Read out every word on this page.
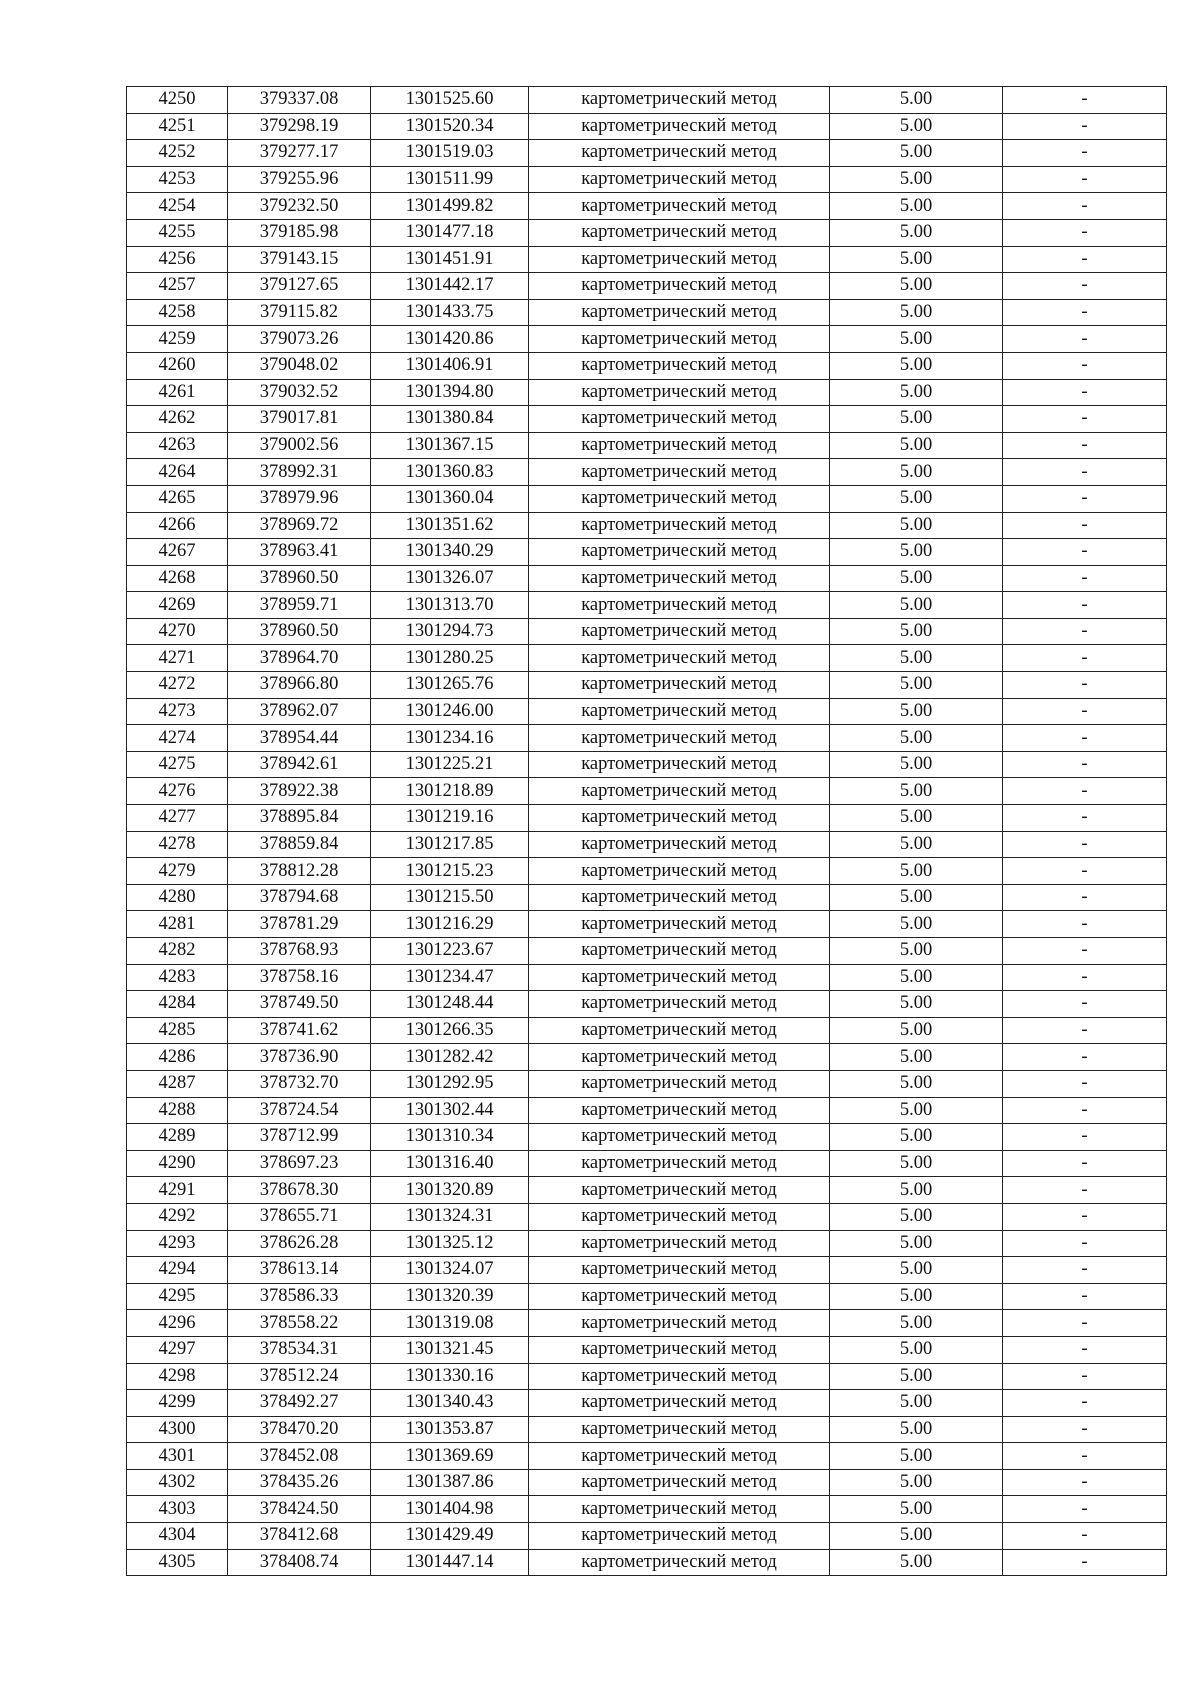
4250	379337.08	1301525.60	картометрический метод	5.00	-
4251	379298.19	1301520.34	картометрический метод	5.00	-
4252	379277.17	1301519.03	картометрический метод	5.00	-
4253	379255.96	1301511.99	картометрический метод	5.00	-
4254	379232.50	1301499.82	картометрический метод	5.00	-
4255	379185.98	1301477.18	картометрический метод	5.00	-
4256	379143.15	1301451.91	картометрический метод	5.00	-
4257	379127.65	1301442.17	картометрический метод	5.00	-
4258	379115.82	1301433.75	картометрический метод	5.00	-
4259	379073.26	1301420.86	картометрический метод	5.00	-
4260	379048.02	1301406.91	картометрический метод	5.00	-
4261	379032.52	1301394.80	картометрический метод	5.00	-
4262	379017.81	1301380.84	картометрический метод	5.00	-
4263	379002.56	1301367.15	картометрический метод	5.00	-
4264	378992.31	1301360.83	картометрический метод	5.00	-
4265	378979.96	1301360.04	картометрический метод	5.00	-
4266	378969.72	1301351.62	картометрический метод	5.00	-
4267	378963.41	1301340.29	картометрический метод	5.00	-
4268	378960.50	1301326.07	картометрический метод	5.00	-
4269	378959.71	1301313.70	картометрический метод	5.00	-
4270	378960.50	1301294.73	картометрический метод	5.00	-
4271	378964.70	1301280.25	картометрический метод	5.00	-
4272	378966.80	1301265.76	картометрический метод	5.00	-
4273	378962.07	1301246.00	картометрический метод	5.00	-
4274	378954.44	1301234.16	картометрический метод	5.00	-
4275	378942.61	1301225.21	картометрический метод	5.00	-
4276	378922.38	1301218.89	картометрический метод	5.00	-
4277	378895.84	1301219.16	картометрический метод	5.00	-
4278	378859.84	1301217.85	картометрический метод	5.00	-
4279	378812.28	1301215.23	картометрический метод	5.00	-
4280	378794.68	1301215.50	картометрический метод	5.00	-
4281	378781.29	1301216.29	картометрический метод	5.00	-
4282	378768.93	1301223.67	картометрический метод	5.00	-
4283	378758.16	1301234.47	картометрический метод	5.00	-
4284	378749.50	1301248.44	картометрический метод	5.00	-
4285	378741.62	1301266.35	картометрический метод	5.00	-
4286	378736.90	1301282.42	картометрический метод	5.00	-
4287	378732.70	1301292.95	картометрический метод	5.00	-
4288	378724.54	1301302.44	картометрический метод	5.00	-
4289	378712.99	1301310.34	картометрический метод	5.00	-
4290	378697.23	1301316.40	картометрический метод	5.00	-
4291	378678.30	1301320.89	картометрический метод	5.00	-
4292	378655.71	1301324.31	картометрический метод	5.00	-
4293	378626.28	1301325.12	картометрический метод	5.00	-
4294	378613.14	1301324.07	картометрический метод	5.00	-
4295	378586.33	1301320.39	картометрический метод	5.00	-
4296	378558.22	1301319.08	картометрический метод	5.00	-
4297	378534.31	1301321.45	картометрический метод	5.00	-
4298	378512.24	1301330.16	картометрический метод	5.00	-
4299	378492.27	1301340.43	картометрический метод	5.00	-
4300	378470.20	1301353.87	картометрический метод	5.00	-
4301	378452.08	1301369.69	картометрический метод	5.00	-
4302	378435.26	1301387.86	картометрический метод	5.00	-
4303	378424.50	1301404.98	картометрический метод	5.00	-
4304	378412.68	1301429.49	картометрический метод	5.00	-
4305	378408.74	1301447.14	картометрический метод	5.00	-
